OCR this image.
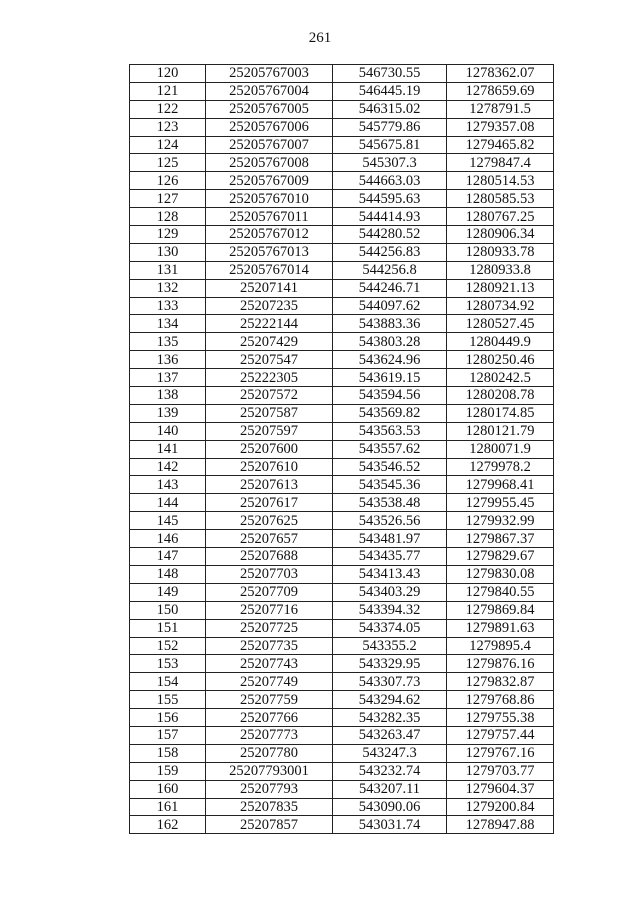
261
120	25205767003	546730.55	1278362.07
121	25205767004	546445.19	1278659.69
122	25205767005	546315.02	1278791.5
123	25205767006	545779.86	1279357.08
124	25205767007	545675.81	1279465.82
125	25205767008	545307.3	1279847.4
126	25205767009	544663.03	1280514.53
127	25205767010	544595.63	1280585.53
128	25205767011	544414.93	1280767.25
129	25205767012	544280.52	1280906.34
130	25205767013	544256.83	1280933.78
131	25205767014	544256.8	1280933.8
132	25207141	544246.71	1280921.13
133	25207235	544097.62	1280734.92
134	25222144	543883.36	1280527.45
135	25207429	543803.28	1280449.9
136	25207547	543624.96	1280250.46
137	25222305	543619.15	1280242.5
138	25207572	543594.56	1280208.78
139	25207587	543569.82	1280174.85
140	25207597	543563.53	1280121.79
141	25207600	543557.62	1280071.9
142	25207610	543546.52	1279978.2
143	25207613	543545.36	1279968.41
144	25207617	543538.48	1279955.45
145	25207625	543526.56	1279932.99
146	25207657	543481.97	1279867.37
147	25207688	543435.77	1279829.67
148	25207703	543413.43	1279830.08
149	25207709	543403.29	1279840.55
150	25207716	543394.32	1279869.84
151	25207725	543374.05	1279891.63
152	25207735	543355.2	1279895.4
153	25207743	543329.95	1279876.16
154	25207749	543307.73	1279832.87
155	25207759	543294.62	1279768.86
156	25207766	543282.35	1279755.38
157	25207773	543263.47	1279757.44
158	25207780	543247.3	1279767.16
159	25207793001	543232.74	1279703.77
160	25207793	543207.11	1279604.37
161	25207835	543090.06	1279200.84
162	25207857	543031.74	1278947.88
